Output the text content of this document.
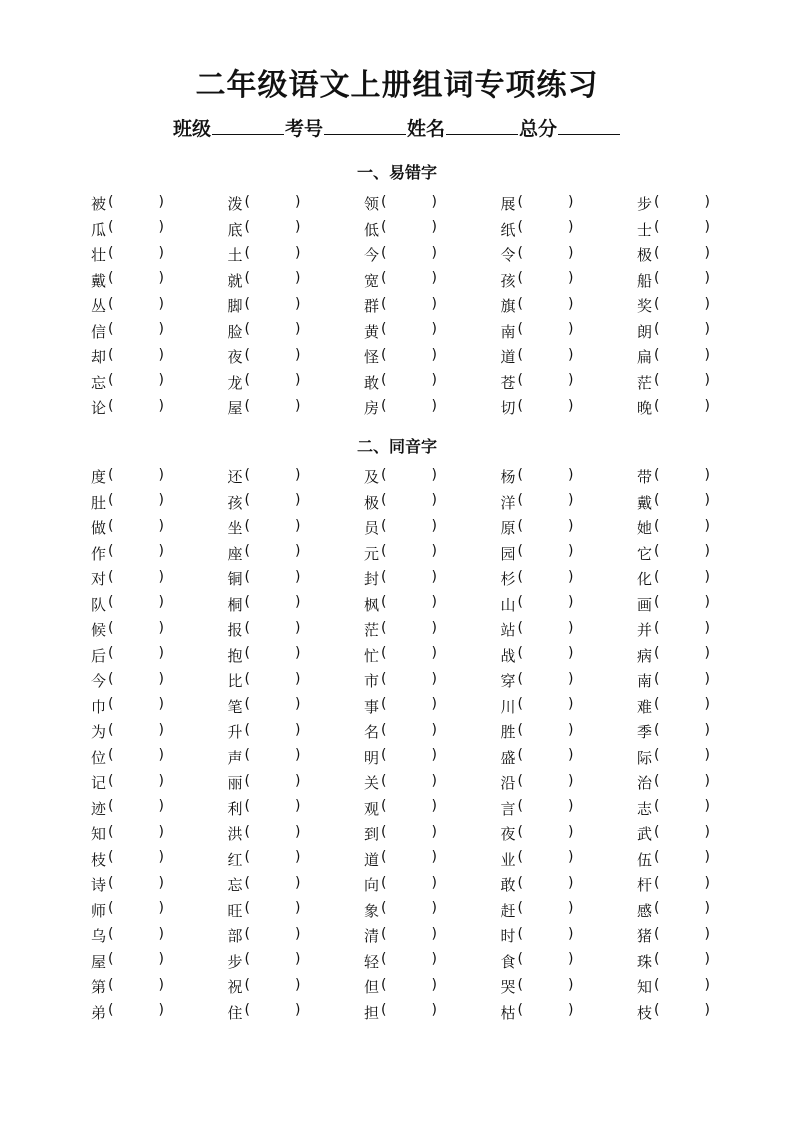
二年级语文上册组词专项练习
班级	考号	姓名	总分
一、易错字
被	泼	领	展	步
瓜	底	低	纸	士
壮	土	今	令	极
戴	就	宽	孩	船
丛	脚	群	旗	奖
信	脸	黄	南	朗
却	夜	怪	道	扁
忘	龙	敢	苍	茫
论	屋	房	切	晚
二、同音字
度	还	及	杨	带
肚	孩	极	洋	戴
做	坐	员	原	她
作	座	元	园	它
对	铜	封	杉	化
队	桐	枫	山	画
候	报	茫	站	并
后	抱	忙	战	病
今	比	市	穿	南
巾	笔	事	川	难
为	升	名	胜	季
位	声	明	盛	际
记	丽	关	沿	治
迹	利	观	言	志
知	洪	到	夜	武
枝	红	道	业	伍
诗	忘	向	敢	杆
师	旺	象	赶	感
乌	部	清	时	猪
屋	步	轻	食	珠
第	祝	但	哭	知
弟	住	担	枯	枝
